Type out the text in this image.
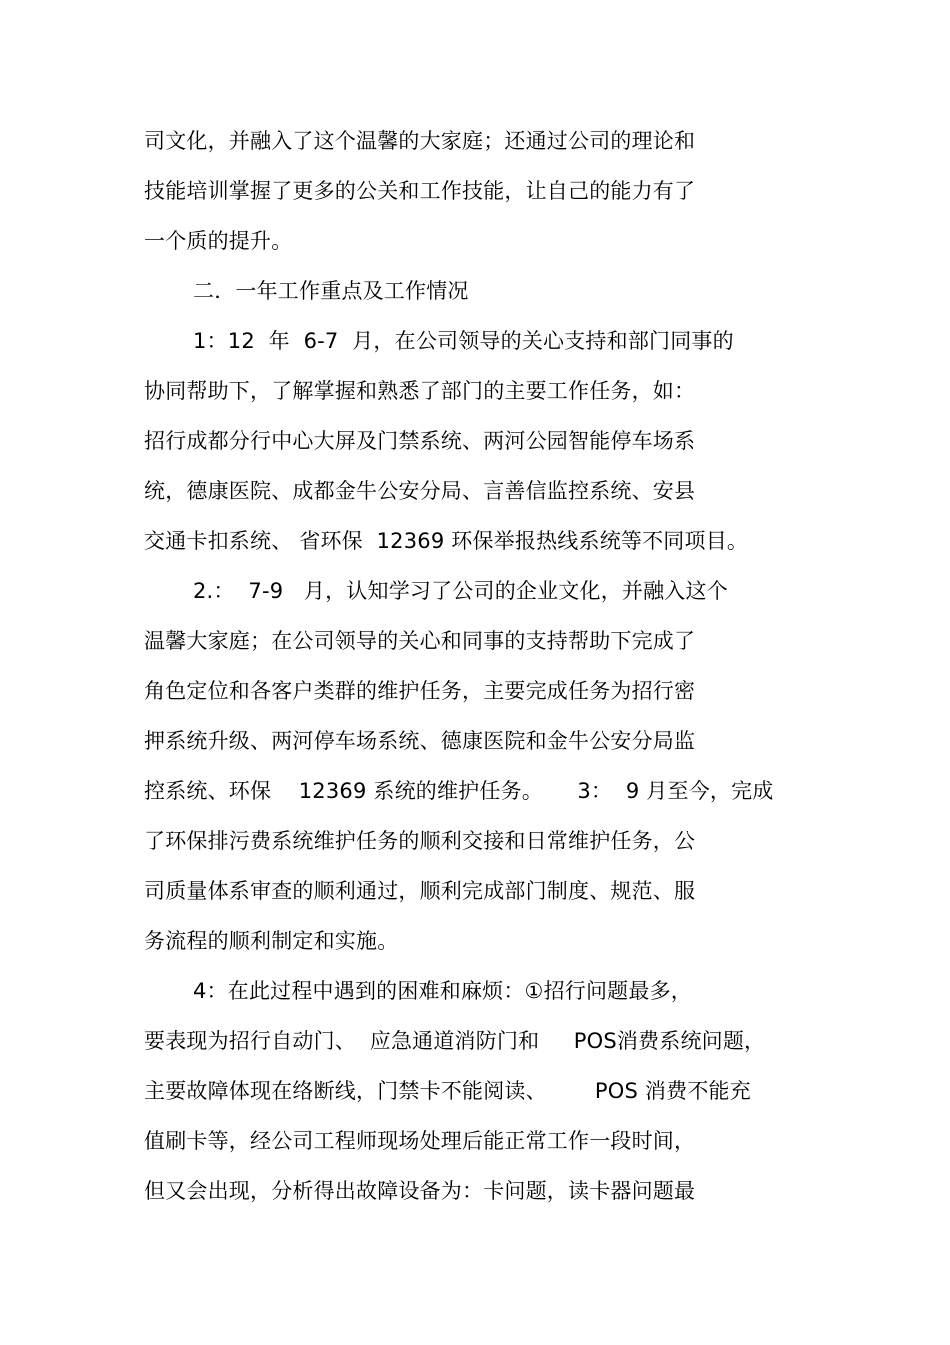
司文化，并融入了这个温馨的大家庭；还通过公司的理论和
技能培训掌握了更多的公关和工作技能，让自己的能力有了
一个质的提升。
二．一年工作重点及工作情况
1：12  年  6-7  月，在公司领导的关心支持和部门同事的
协同帮助下，了解掌握和熟悉了部门的主要工作任务，如：
招行成都分行中心大屏及门禁系统、两河公园智能停车场系
统，德康医院、成都金牛公安分局、言善信监控系统、安县
交通卡扣系统、 省环保  12369 环保举报热线系统等不同项目。
2.：  7-9   月，认知学习了公司的企业文化，并融入这个
温馨大家庭；在公司领导的关心和同事的支持帮助下完成了
角色定位和各客户类群的维护任务，主要完成任务为招行密
押系统升级、两河停车场系统、德康医院和金牛公安分局监
控系统、环保    12369 系统的维护任务。     3：  9 月至今，完成
了环保排污费系统维护任务的顺利交接和日常维护任务，公
司质量体系审查的顺利通过，顺利完成部门制度、规范、服
务流程的顺利制定和实施。
4：在此过程中遇到的困难和麻烦：①招行问题最多，
要表现为招行自动门、  应急通道消防门和     POS消费系统问题，
主要故障体现在络断线，门禁卡不能阅读、       POS 消费不能充
值刷卡等，经公司工程师现场处理后能正常工作一段时间，
但又会出现，分析得出故障设备为：卡问题，读卡器问题最
